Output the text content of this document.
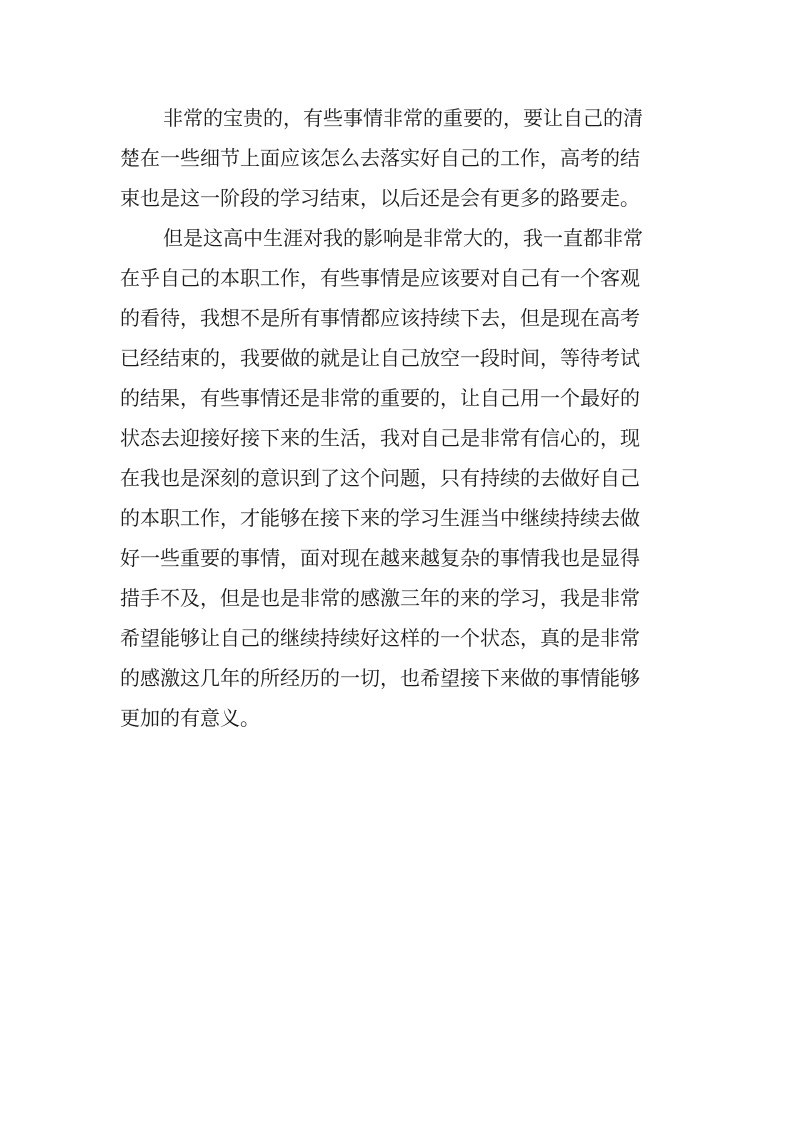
非常的宝贵的，有些事情非常的重要的，要让自己的清
楚在一些细节上面应该怎么去落实好自己的工作，高考的结
束也是这一阶段的学习结束，以后还是会有更多的路要走。
但是这高中生涯对我的影响是非常大的，我一直都非常
在乎自己的本职工作，有些事情是应该要对自己有一个客观
的看待，我想不是所有事情都应该持续下去，但是现在高考
已经结束的，我要做的就是让自己放空一段时间，等待考试
的结果，有些事情还是非常的重要的，让自己用一个最好的
状态去迎接好接下来的生活，我对自己是非常有信心的，现
在我也是深刻的意识到了这个问题，只有持续的去做好自己
的本职工作，才能够在接下来的学习生涯当中继续持续去做
好一些重要的事情，面对现在越来越复杂的事情我也是显得
措手不及，但是也是非常的感激三年的来的学习，我是非常
希望能够让自己的继续持续好这样的一个状态，真的是非常
的感激这几年的所经历的一切，也希望接下来做的事情能够
更加的有意义。
